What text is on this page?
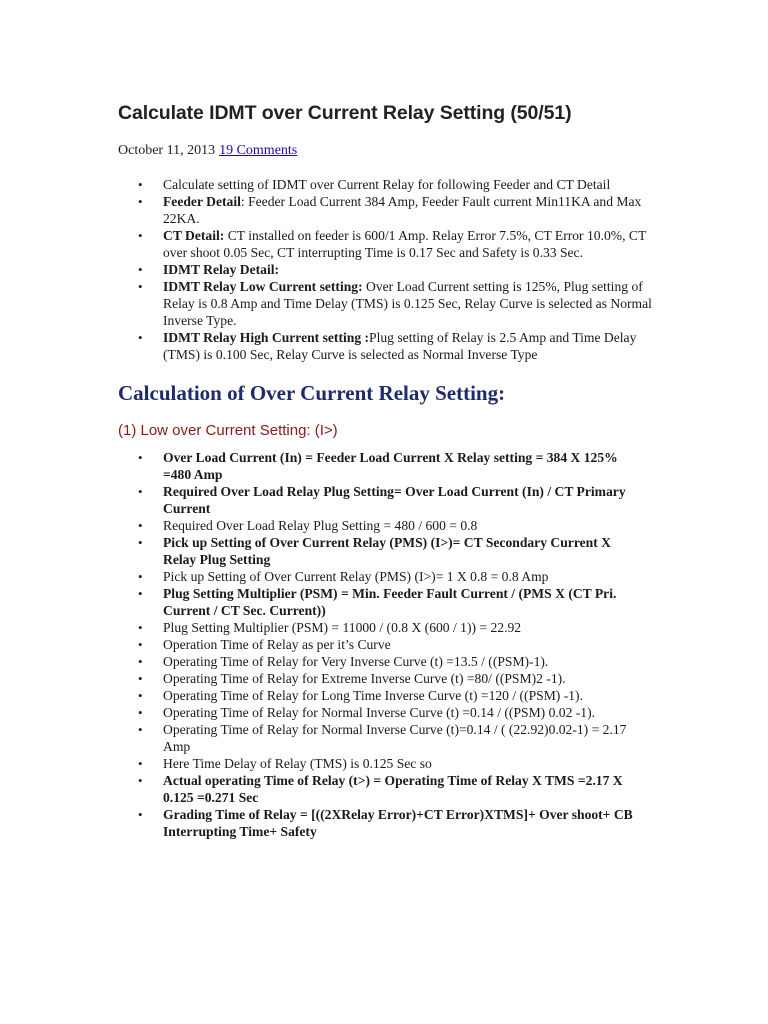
Calculate IDMT over Current Relay Setting (50/51)
October 11, 2013 19 Comments
• Calculate setting of IDMT over Current Relay for following Feeder and CT Detail
• Feeder Detail: Feeder Load Current 384 Amp, Feeder Fault current Min11KA and Max 22KA.
• CT Detail: CT installed on feeder is 600/1 Amp. Relay Error 7.5%, CT Error 10.0%, CT over shoot 0.05 Sec, CT interrupting Time is 0.17 Sec and Safety is 0.33 Sec.
• IDMT Relay Detail:
• IDMT Relay Low Current setting: Over Load Current setting is 125%, Plug setting of Relay is 0.8 Amp and Time Delay (TMS) is 0.125 Sec, Relay Curve is selected as Normal Inverse Type.
• IDMT Relay High Current setting :Plug setting of Relay is 2.5 Amp and Time Delay (TMS) is 0.100 Sec, Relay Curve is selected as Normal Inverse Type
Calculation of Over Current Relay Setting:
(1) Low over Current Setting: (I>)
• Over Load Current (In) = Feeder Load Current X Relay setting = 384 X 125% =480 Amp
• Required Over Load Relay Plug Setting= Over Load Current (In) / CT Primary Current
• Required Over Load Relay Plug Setting = 480 / 600 = 0.8
• Pick up Setting of Over Current Relay (PMS) (I>)= CT Secondary Current X Relay Plug Setting
• Pick up Setting of Over Current Relay (PMS) (I>)= 1 X 0.8 = 0.8 Amp
• Plug Setting Multiplier (PSM) = Min. Feeder Fault Current / (PMS X (CT Pri. Current / CT Sec. Current))
• Plug Setting Multiplier (PSM) = 11000 / (0.8 X (600 / 1)) = 22.92
• Operation Time of Relay as per it’s Curve
• Operating Time of Relay for Very Inverse Curve (t) =13.5 / ((PSM)-1).
• Operating Time of Relay for Extreme Inverse Curve (t) =80/ ((PSM)2 -1).
• Operating Time of Relay for Long Time Inverse Curve (t) =120 / ((PSM) -1).
• Operating Time of Relay for Normal Inverse Curve (t) =0.14 / ((PSM) 0.02 -1).
• Operating Time of Relay for Normal Inverse Curve (t)=0.14 / ( (22.92)0.02-1) = 2.17 Amp
• Here Time Delay of Relay (TMS) is 0.125 Sec so
• Actual operating Time of Relay (t>) = Operating Time of Relay X TMS =2.17 X 0.125 =0.271 Sec
• Grading Time of Relay = [((2XRelay Error)+CT Error)XTMS]+ Over shoot+ CB Interrupting Time+ Safety
